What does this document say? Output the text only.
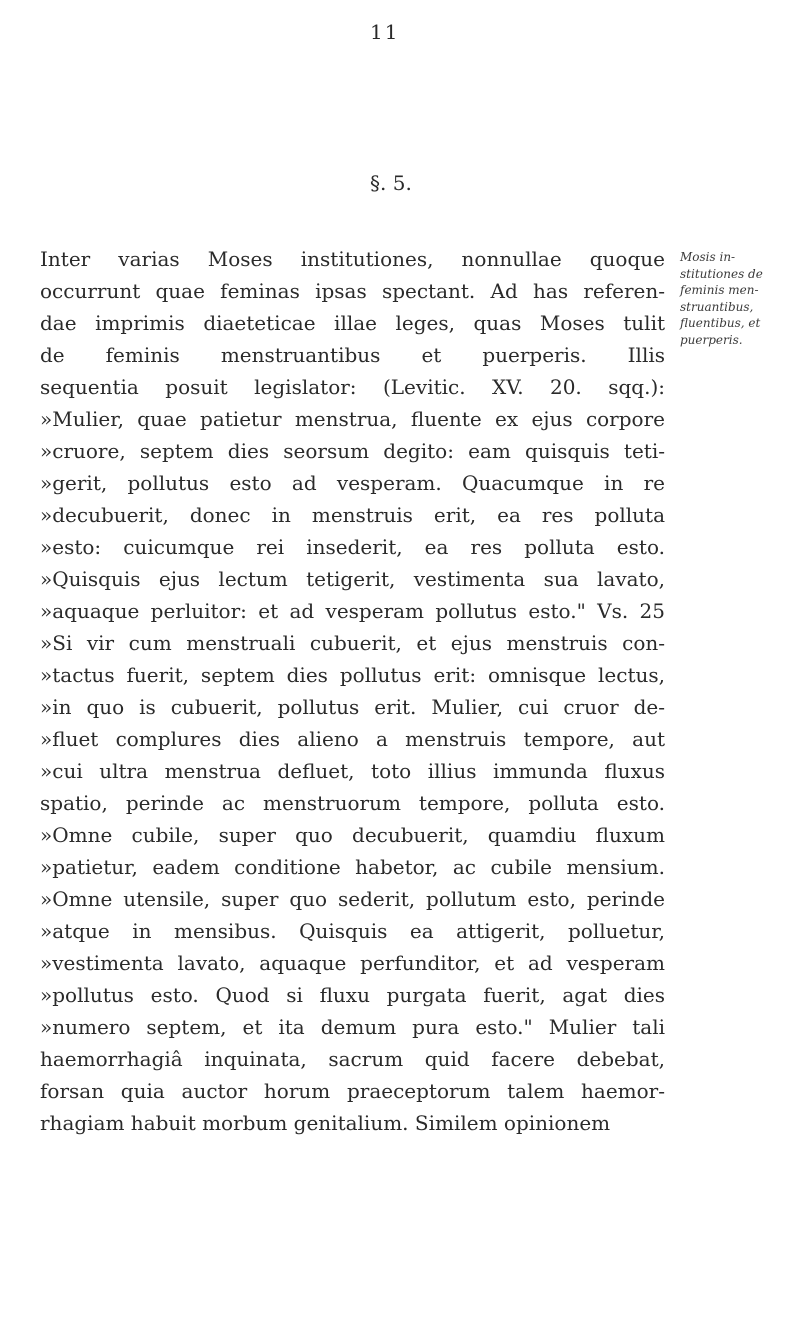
11
§. 5.
Mosis in-
stitutiones de
feminis men-
struantibus,
fluentibus, et
puerperis.
Inter varias Moses institutiones, nonnullae quoque
occurrunt quae feminas ipsas spectant. Ad has referen-
dae imprimis diaeteticae illae leges, quas Moses tulit
de feminis menstruantibus et puerperis. Illis
sequentia posuit legislator: (Levitic. XV. 20. sqq.):
»Mulier, quae patietur menstrua, fluente ex ejus corpore
»cruore, septem dies seorsum degito: eam quisquis teti-
»gerit, pollutus esto ad vesperam. Quacumque in re
»decubuerit, donec in menstruis erit, ea res polluta
»esto: cuicumque rei insederit, ea res polluta esto.
»Quisquis ejus lectum tetigerit, vestimenta sua lavato,
»aquaque perluitor: et ad vesperam pollutus esto." Vs. 25
»Si vir cum menstruali cubuerit, et ejus menstruis con-
»tactus fuerit, septem dies pollutus erit: omnisque lectus,
»in quo is cubuerit, pollutus erit. Mulier, cui cruor de-
»fluet complures dies alieno a menstruis tempore, aut
»cui ultra menstrua defluet, toto illius immunda fluxus
spatio, perinde ac menstruorum tempore, polluta esto.
»Omne cubile, super quo decubuerit, quamdiu fluxum
»patietur, eadem conditione habetor, ac cubile mensium.
»Omne utensile, super quo sederit, pollutum esto, perinde
»atque in mensibus. Quisquis ea attigerit, polluetur,
»vestimenta lavato, aquaque perfunditor, et ad vesperam
»pollutus esto. Quod si fluxu purgata fuerit, agat dies
»numero septem, et ita demum pura esto." Mulier tali
haemorrhagiâ inquinata, sacrum quid facere debebat,
forsan quia auctor horum praeceptorum talem haemor-
rhagiam habuit morbum genitalium. Similem opinionem
